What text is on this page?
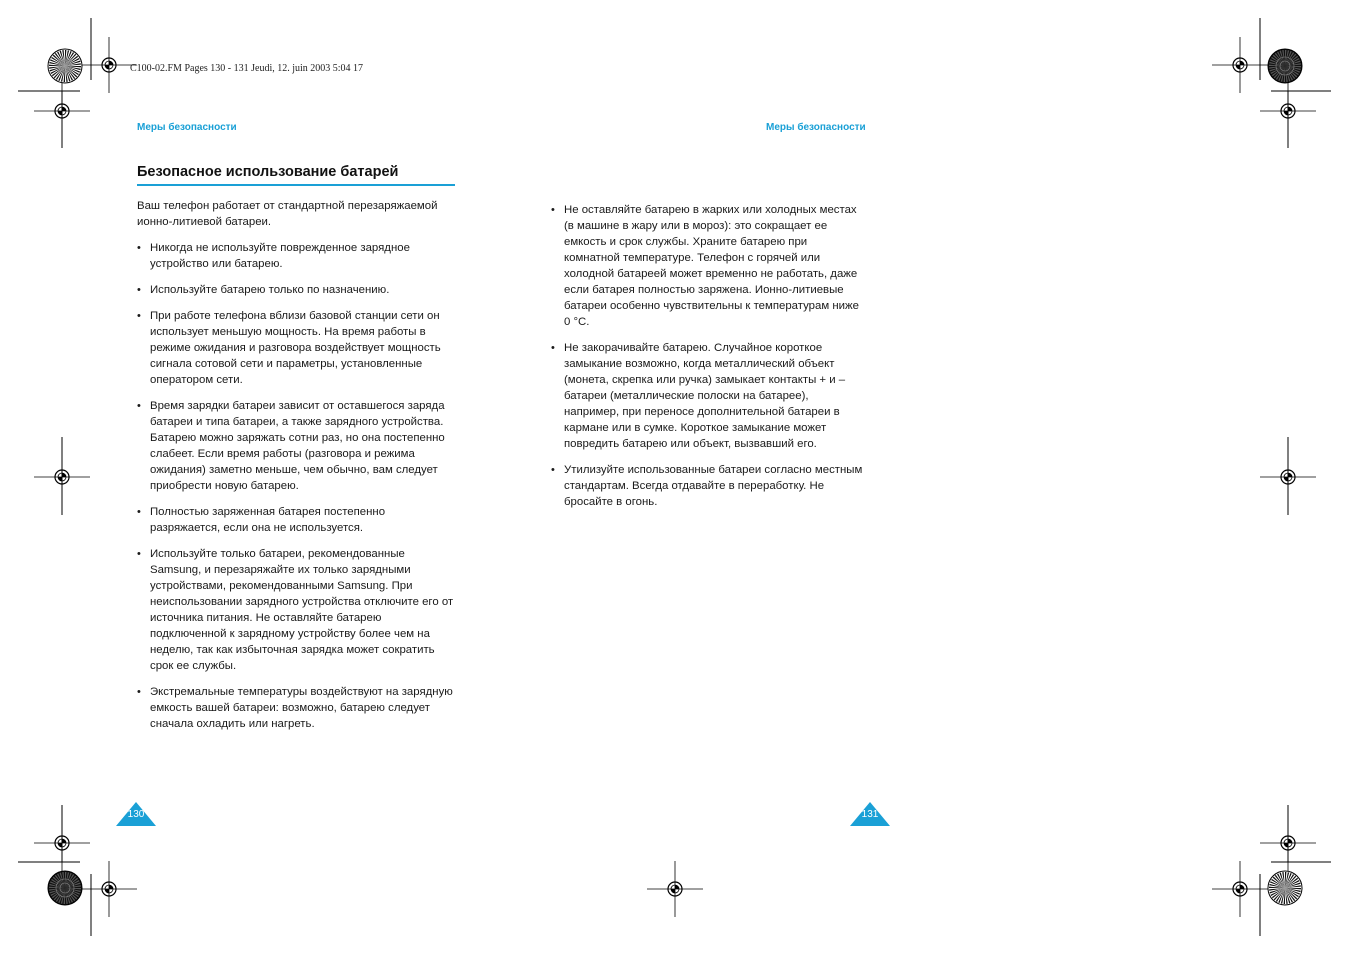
C100-02.FM Pages 130 - 131 Jeudi, 12. juin 2003 5:04 17
Меры безопасности
Безопасное использование батарей

Ваш телефон работает от стандартной перезаряжаемой ионно-литиевой батареи.

• Никогда не используйте поврежденное зарядное устройство или батарею.
• Используйте батарею только по назначению.
• При работе телефона вблизи базовой станции сети он использует меньшую мощность. На время работы в режиме ожидания и разговора воздействует мощность сигнала сотовой сети и параметры, установленные оператором сети.
• Время зарядки батареи зависит от оставшегося заряда батареи и типа батареи, а также зарядного устройства. Батарею можно заряжать сотни раз, но она постепенно слабеет. Если время работы (разговора и режима ожидания) заметно меньше, чем обычно, вам следует приобрести новую батарею.
• Полностью заряженная батарея постепенно разряжается, если она не используется.
• Используйте только батареи, рекомендованные Samsung, и перезаряжайте их только зарядными устройствами, рекомендованными Samsung. При неиспользовании зарядного устройства отключите его от источника питания. Не оставляйте батарею подключенной к зарядному устройству более чем на неделю, так как избыточная зарядка может сократить срок ее службы.
• Экстремальные температуры воздействуют на зарядную емкость вашей батареи: возможно, батарею следует сначала охладить или нагреть.
Меры безопасности
• Не оставляйте батарею в жарких или холодных местах (в машине в жару или в мороз): это сокращает ее емкость и срок службы. Храните батарею при комнатной температуре. Телефон с горячей или холодной батареей может временно не работать, даже если батарея полностью заряжена. Ионно-литиевые батареи особенно чувствительны к температурам ниже 0 °C.
• Не закорачивайте батарею. Случайное короткое замыкание возможно, когда металлический объект (монета, скрепка или ручка) замыкает контакты + и – батареи (металлические полоски на батарее), например, при переносе дополнительной батареи в кармане или в сумке. Короткое замыкание может повредить батарею или объект, вызвавший его.
• Утилизуйте использованные батареи согласно местным стандартам. Всегда отдавайте в переработку. Не бросайте в огонь.
130	131
